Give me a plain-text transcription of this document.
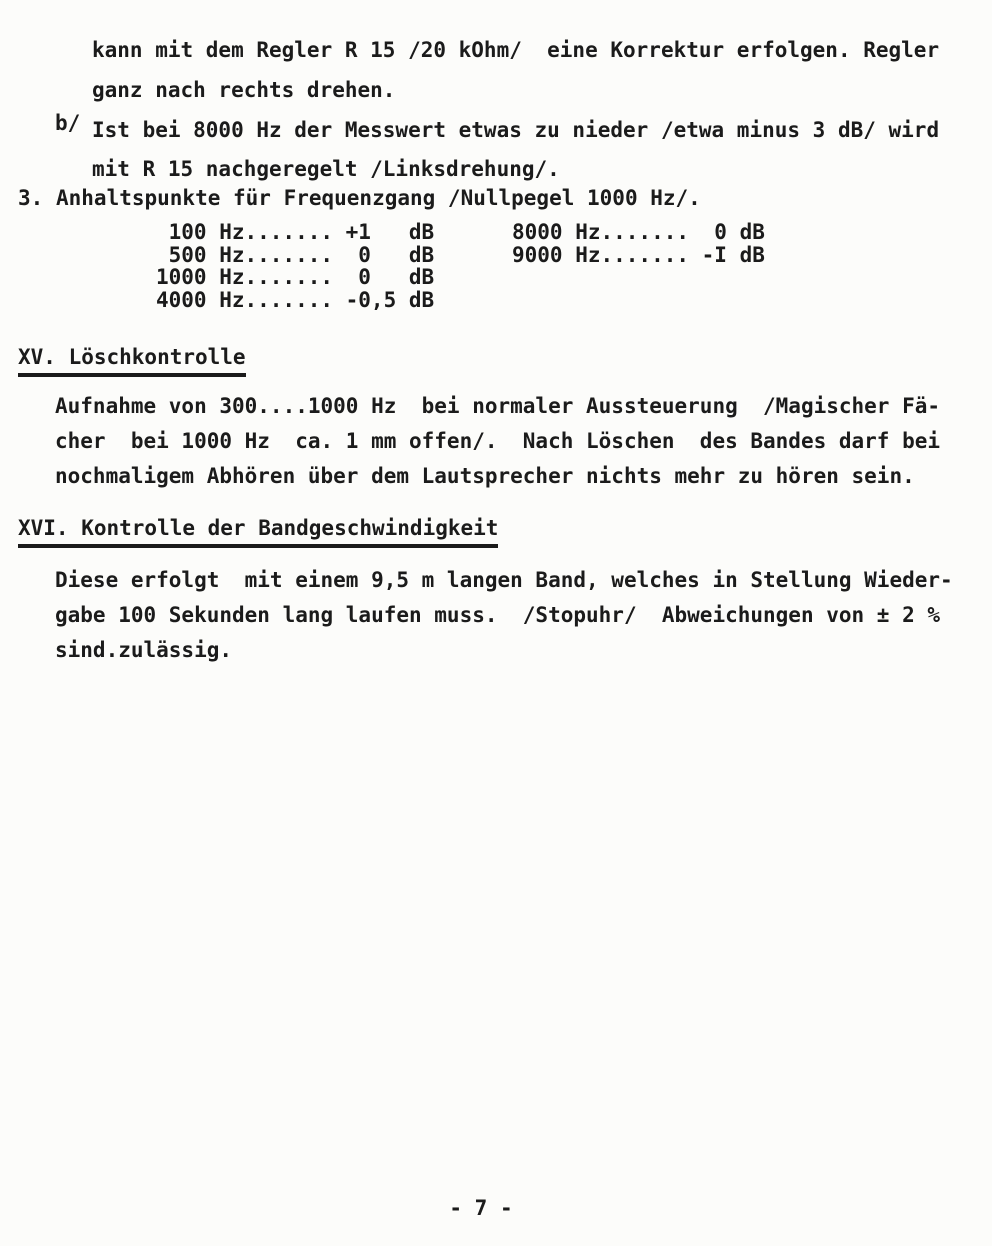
kann mit dem Regler R 15 /20 kOhm/  eine Korrektur erfolgen. Regler
ganz nach rechts drehen.
b/ Ist bei 8000 Hz der Messwert etwas zu nieder /etwa minus 3 dB/ wird
mit R 15 nachgeregelt /Linksdrehung/.
3. Anhaltspunkte für Frequenzgang /Nullpegel 1000 Hz/.
100 Hz....... +1   dB
500 Hz.......  0   dB
1000 Hz.......  0   dB
4000 Hz....... -0,5 dB
8000 Hz.......  0 dB
9000 Hz....... -I dB
XV. Löschkontrolle
Aufnahme von 300....1000 Hz  bei normaler Aussteuerung  /Magischer Fä-
cher  bei 1000 Hz  ca. 1 mm offen/.  Nach Löschen  des Bandes darf bei
nochmaligem Abhören über dem Lautsprecher nichts mehr zu hören sein.
XVI. Kontrolle der Bandgeschwindigkeit
Diese erfolgt  mit einem 9,5 m langen Band, welches in Stellung Wieder-
gabe 100 Sekunden lang laufen muss.  /Stopuhr/  Abweichungen von ± 2 %
sind.zulässig.
- 7 -
